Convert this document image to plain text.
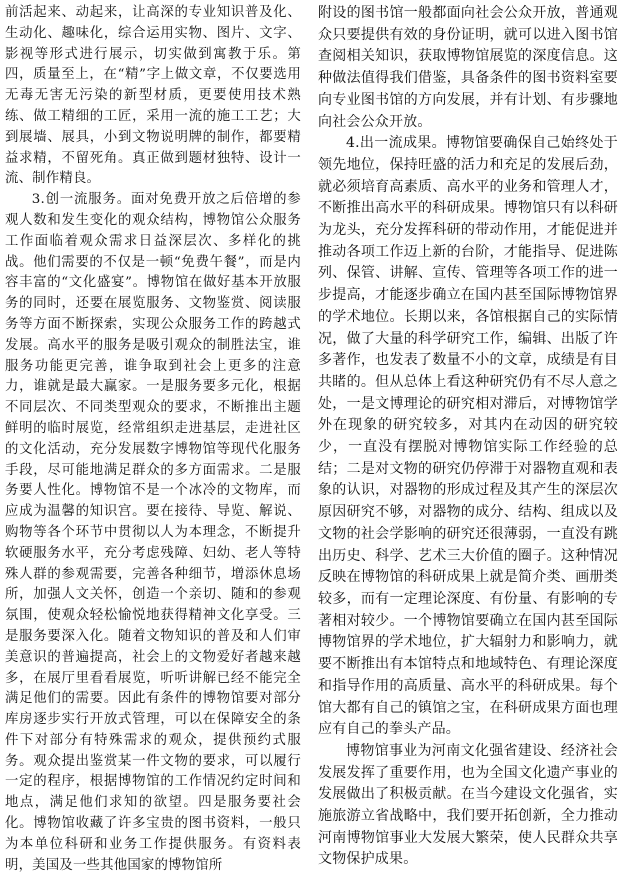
前活起来、动起来，让高深的专业知识普及化、生动化、趣味化，综合运用实物、图片、文字、影视等形式进行展示，切实做到寓教于乐。第四，质量至上，在“精”字上做文章，不仅要选用无毒无害无污染的新型材质，更要使用技术熟练、做工精细的工匠，采用一流的施工工艺；大到展墙、展具，小到文物说明牌的制作，都要精益求精，不留死角。真正做到题材独特、设计一流、制作精良。

3.创一流服务。面对免费开放之后倍增的参观人数和发生变化的观众结构，博物馆公众服务工作面临着观众需求日益深层次、多样化的挑战。他们需要的不仅是一顿“免费午餐”，而是内容丰富的“文化盛宴”。博物馆在做好基本开放服务的同时，还要在展览服务、文物鉴赏、阅读服务等方面不断探索，实现公众服务工作的跨越式发展。高水平的服务是吸引观众的制胜法宝，谁服务功能更完善，谁争取到社会上更多的注意力，谁就是最大赢家。一是服务要多元化，根据不同层次、不同类型观众的要求，不断推出主题鲜明的临时展览，经常组织走进基层，走进社区的文化活动，充分发展数字博物馆等现代化服务手段，尽可能地满足群众的多方面需求。二是服务要人性化。博物馆不是一个冰冷的文物库，而应成为温馨的知识宫。要在接待、导览、解说、购物等各个环节中贯彻以人为本理念，不断提升软硬服务水平，充分考虑残障、妇幼、老人等特殊人群的参观需要，完善各种细节，增添休息场所，加强人文关怀，创造一个亲切、随和的参观氛围，使观众轻松愉悦地获得精神文化享受。三是服务要深入化。随着文物知识的普及和人们审美意识的普遍提高，社会上的文物爱好者越来越多，在展厅里看看展览，听听讲解已经不能完全满足他们的需要。因此有条件的博物馆要对部分库房逐步实行开放式管理，可以在保障安全的条件下对部分有特殊需求的观众，提供预约式服务。观众提出鉴赏某一件文物的要求，可以履行一定的程序，根据博物馆的工作情况约定时间和地点，满足他们求知的欲望。四是服务要社会化。博物馆收藏了许多宝贵的图书资料，一般只为本单位科研和业务工作提供服务。有资料表明，美国及一些其他国家的博物馆所

附设的图书馆一般都面向社会公众开放，普通观众只要提供有效的身份证明，就可以进入图书馆查阅相关知识，获取博物馆展览的深度信息。这种做法值得我们借鉴，具备条件的图书资料室要向专业图书馆的方向发展，并有计划、有步骤地向社会公众开放。

4.出一流成果。博物馆要确保自己始终处于领先地位，保持旺盛的活力和充足的发展后劲，就必须培育高素质、高水平的业务和管理人才，不断推出高水平的科研成果。博物馆只有以科研为龙头，充分发挥科研的带动作用，才能促进并推动各项工作迈上新的台阶，才能指导、促进陈列、保管、讲解、宣传、管理等各项工作的进一步提高，才能逐步确立在国内甚至国际博物馆界的学术地位。长期以来，各馆根据自己的实际情况，做了大量的科学研究工作，编辑、出版了许多著作，也发表了数量不小的文章，成绩是有目共睹的。但从总体上看这种研究仍有不尽人意之处，一是文博理论的研究相对滞后，对博物馆学外在现象的研究较多，对其内在动因的研究较少，一直没有摆脱对博物馆实际工作经验的总结；二是对文物的研究仍停滞于对器物直观和表象的认识，对器物的形成过程及其产生的深层次原因研究不够，对器物的成分、结构、组成以及文物的社会学影响的研究还很薄弱，一直没有跳出历史、科学、艺术三大价值的圈子。这种情况反映在博物馆的科研成果上就是简介类、画册类较多，而有一定理论深度、有份量、有影响的专著相对较少。一个博物馆要确立在国内甚至国际博物馆界的学术地位，扩大辐射力和影响力，就要不断推出有本馆特点和地域特色、有理论深度和指导作用的高质量、高水平的科研成果。每个馆大都有自己的镇馆之宝，在科研成果方面也理应有自己的拳头产品。

博物馆事业为河南文化强省建设、经济社会发展发挥了重要作用，也为全国文化遗产事业的发展做出了积极贡献。在当今建设文化强省，实施旅游立省战略中，我们要开拓创新，全力推动河南博物馆事业大发展大繁荣，使人民群众共享文物保护成果。
